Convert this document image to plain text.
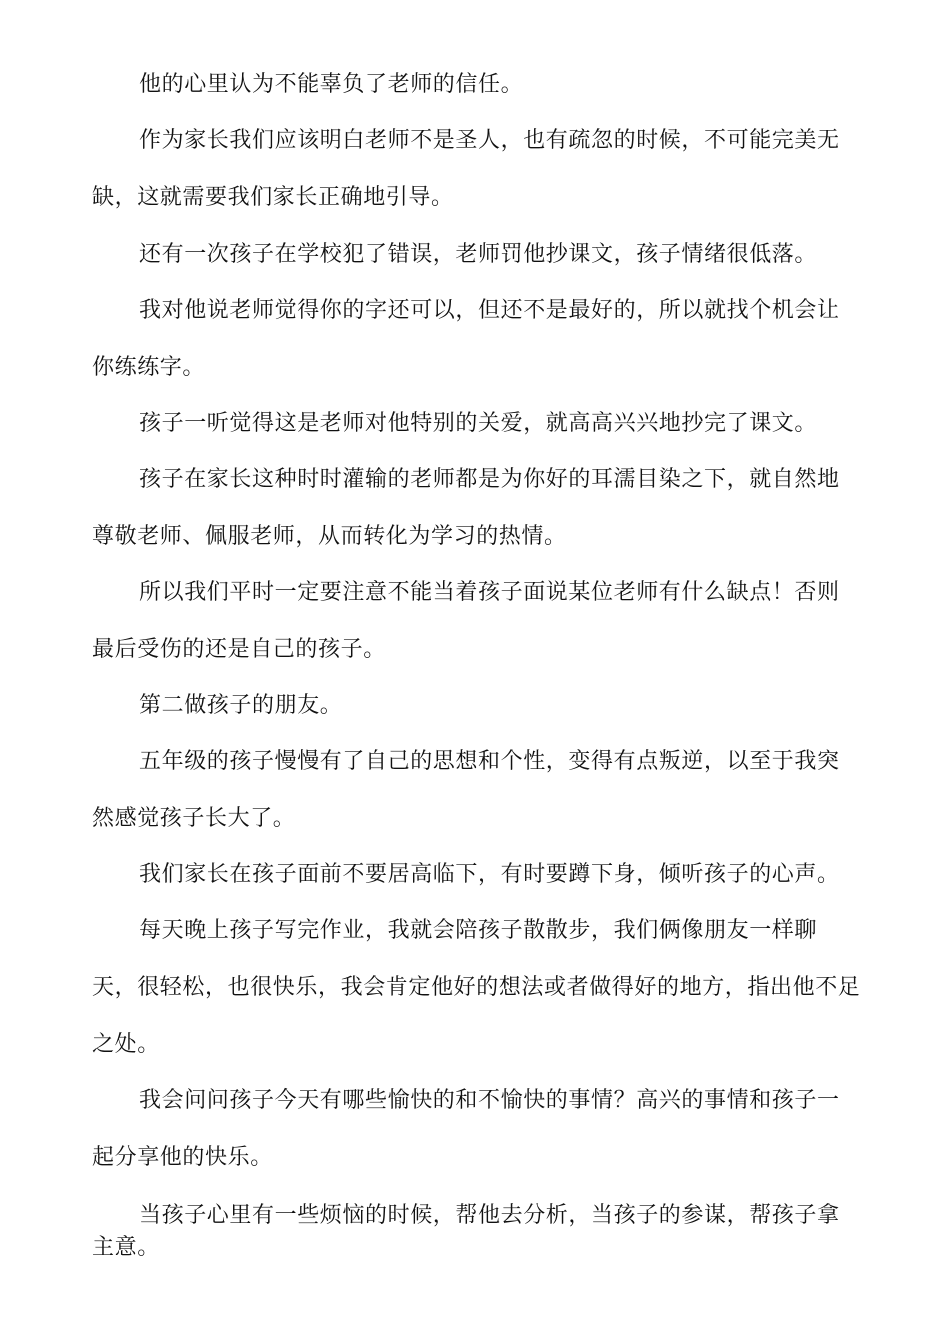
他的心里认为不能辜负了老师的信任。

作为家长我们应该明白老师不是圣人，也有疏忽的时候，不可能完美无缺，这就需要我们家长正确地引导。

还有一次孩子在学校犯了错误，老师罚他抄课文，孩子情绪很低落。

我对他说老师觉得你的字还可以，但还不是最好的，所以就找个机会让你练练字。

孩子一听觉得这是老师对他特别的关爱，就高高兴兴地抄完了课文。

孩子在家长这种时时灌输的老师都是为你好的耳濡目染之下，就自然地尊敬老师、佩服老师，从而转化为学习的热情。

所以我们平时一定要注意不能当着孩子面说某位老师有什么缺点！否则最后受伤的还是自己的孩子。

第二做孩子的朋友。

五年级的孩子慢慢有了自己的思想和个性，变得有点叛逆，以至于我突然感觉孩子长大了。

我们家长在孩子面前不要居高临下，有时要蹲下身，倾听孩子的心声。

每天晚上孩子写完作业，我就会陪孩子散散步，我们俩像朋友一样聊天，很轻松，也很快乐，我会肯定他好的想法或者做得好的地方，指出他不足之处。

我会问问孩子今天有哪些愉快的和不愉快的事情？高兴的事情和孩子一起分享他的快乐。

当孩子心里有一些烦恼的时候，帮他去分析，当孩子的参谋，帮孩子拿主意。
